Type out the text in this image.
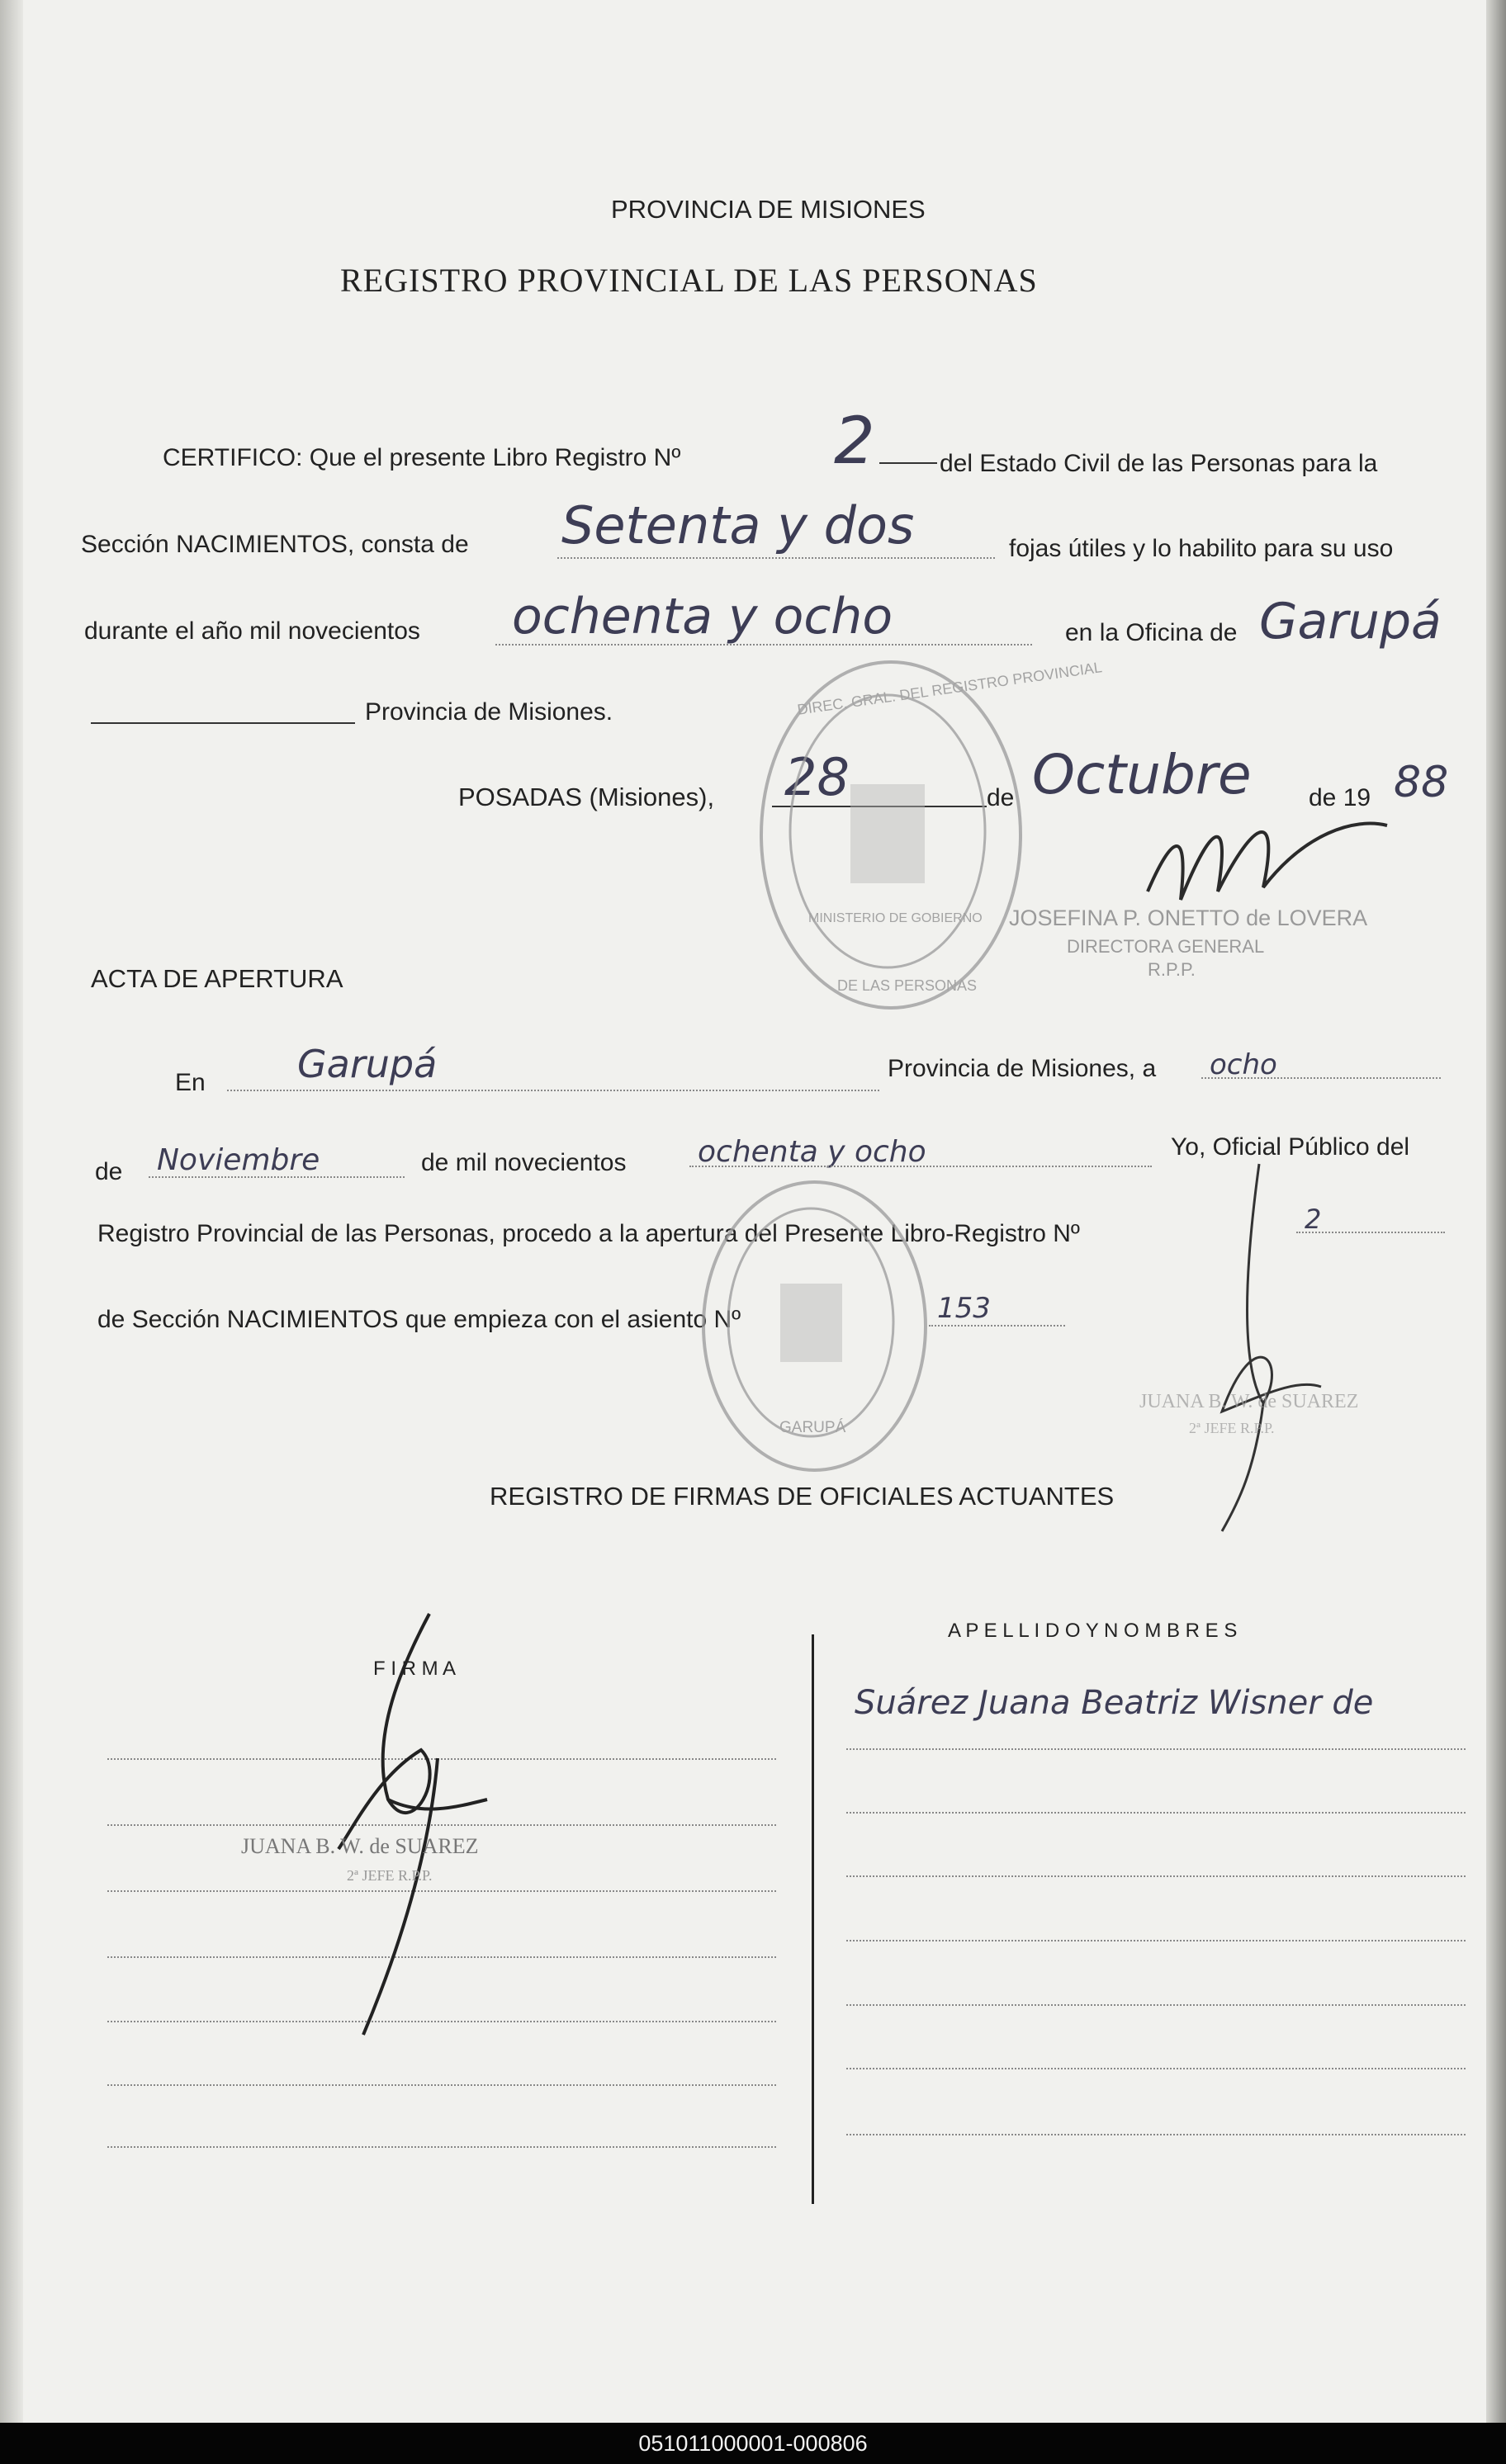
PROVINCIA DE MISIONES
REGISTRO PROVINCIAL DE LAS PERSONAS
CERTIFICO: Que el presente Libro Registro Nº 2	del Estado Civil de las Personas para la
Sección NACIMIENTOS, consta de Setenta y dos	fojas útiles y lo habilito para su uso
durante el año mil novecientos ochenta y ocho	en la Oficina de Garupá
Provincia de Misiones.
POSADAS (Misiones), 28	de Octubre de 19 88
DIREC. GRAL. DEL REGISTRO PROVINCIAL
MINISTERIO DE GOBIERNO
DE LAS PERSONAS
JOSEFINA P. ONETTO de LOVERA
DIRECTORA GENERAL
R.P.P.
ACTA DE APERTURA
En Garupá	Provincia de Misiones, a ocho
de Noviembre	de mil novecientos ochenta y ocho	Yo, Oficial Público del
Registro Provincial de las Personas, procedo a la apertura del Presente Libro-Registro Nº	2
de Sección NACIMIENTOS que empieza con el asiento Nº	153
GARUPÁ
JUANA B. W. de SUAREZ
2ª JEFE R.P.P.
REGISTRO DE FIRMAS DE OFICIALES ACTUANTES
F I R M A
A P E L L I D O Y N O M B R E S
Suárez Juana Beatriz Wisner de
JUANA B. W. de SUAREZ
2ª JEFE R.P.P.
051011000001-000806
